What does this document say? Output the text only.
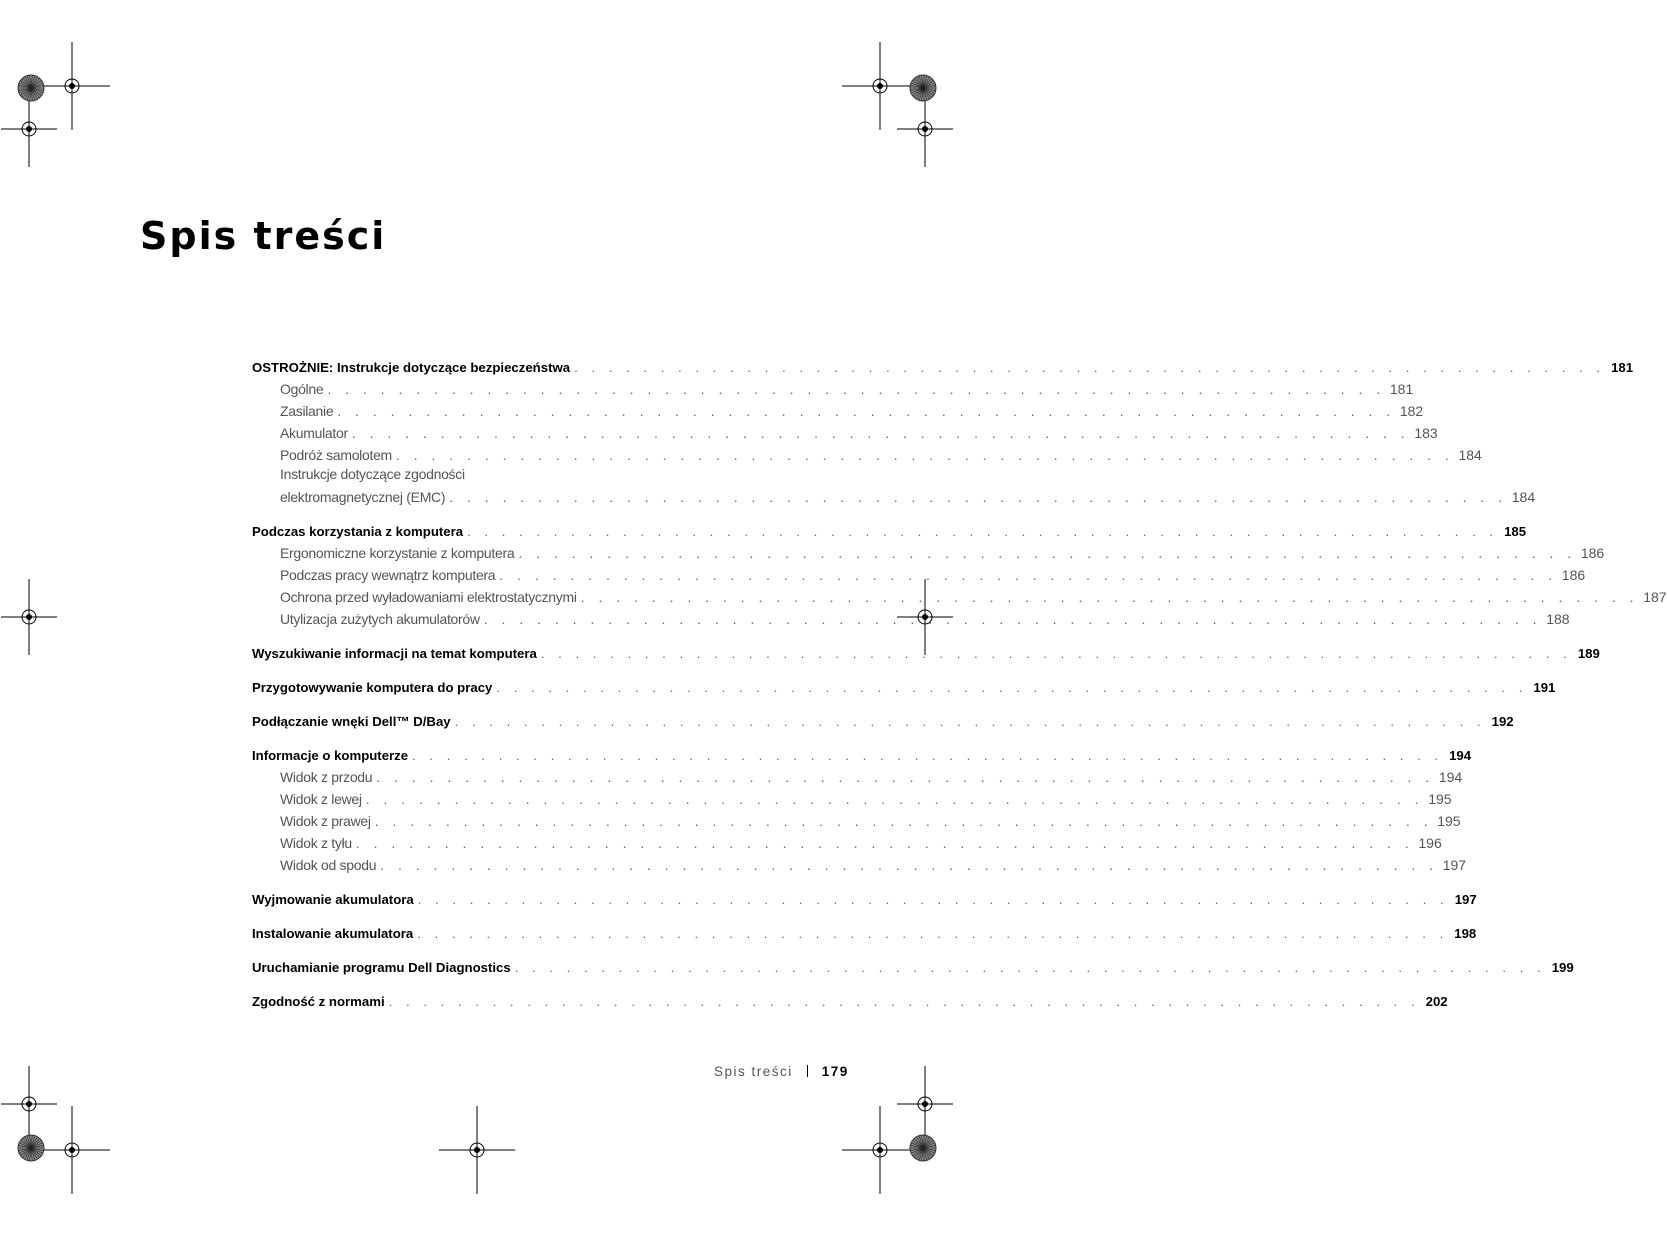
Spis treści
OSTROŻNIE: Instrukcje dotyczące bezpieczeństwa . . . . . . . . . . . . . . . . . . . . . . . . . . . . . . . . . . . . . . . . . . . . . . . . . . . . . . . . . . . . 181
Ogólne . . . . . . . . . . . . . . . . . . . . . . . . . . . . . . . . . . . . . . . . . . . . . . . . . . . . . . . . . . . . 181
Zasilanie . . . . . . . . . . . . . . . . . . . . . . . . . . . . . . . . . . . . . . . . . . . . . . . . . . . . . . . . . . . . 182
Akumulator . . . . . . . . . . . . . . . . . . . . . . . . . . . . . . . . . . . . . . . . . . . . . . . . . . . . . . . . . . . . 183
Podróż samolotem . . . . . . . . . . . . . . . . . . . . . . . . . . . . . . . . . . . . . . . . . . . . . . . . . . . . . . . . . . . . 184
Instrukcje dotyczące zgodności
elektromagnetycznej (EMC) . . . . . . . . . . . . . . . . . . . . . . . . . . . . . . . . . . . . . . . . . . . . . . . . . . . . . . . . . . . . 184
Podczas korzystania z komputera . . . . . . . . . . . . . . . . . . . . . . . . . . . . . . . . . . . . . . . . . . . . . . . . . . . . . . . . . . . . 185
Ergonomiczne korzystanie z komputera . . . . . . . . . . . . . . . . . . . . . . . . . . . . . . . . . . . . . . . . . . . . . . . . . . . . . . . . . . . . 186
Podczas pracy wewnątrz komputera . . . . . . . . . . . . . . . . . . . . . . . . . . . . . . . . . . . . . . . . . . . . . . . . . . . . . . . . . . . . 186
Ochrona przed wyładowaniami elektrostatycznymi . . . . . . . . . . . . . . . . . . . . . . . . . . . . . . . . . . . . . . . . . . . . . . . . . . . . . . . . . . . . 187
Utylizacja zużytych akumulatorów . . . . . . . . . . . . . . . . . . . . . . . . . . . . . . . . . . . . . . . . . . . . . . . . . . . . . . . . . . . . 188
Wyszukiwanie informacji na temat komputera . . . . . . . . . . . . . . . . . . . . . . . . . . . . . . . . . . . . . . . . . . . . . . . . . . . . . . . . . . . . 189
Przygotowywanie komputera do pracy . . . . . . . . . . . . . . . . . . . . . . . . . . . . . . . . . . . . . . . . . . . . . . . . . . . . . . . . . . . . 191
Podłączanie wnęki Dell™ D/Bay . . . . . . . . . . . . . . . . . . . . . . . . . . . . . . . . . . . . . . . . . . . . . . . . . . . . . . . . . . . . 192
Informacje o komputerze . . . . . . . . . . . . . . . . . . . . . . . . . . . . . . . . . . . . . . . . . . . . . . . . . . . . . . . . . . . . 194
Widok z przodu . . . . . . . . . . . . . . . . . . . . . . . . . . . . . . . . . . . . . . . . . . . . . . . . . . . . . . . . . . . . 194
Widok z lewej . . . . . . . . . . . . . . . . . . . . . . . . . . . . . . . . . . . . . . . . . . . . . . . . . . . . . . . . . . . . 195
Widok z prawej . . . . . . . . . . . . . . . . . . . . . . . . . . . . . . . . . . . . . . . . . . . . . . . . . . . . . . . . . . . . 195
Widok z tyłu . . . . . . . . . . . . . . . . . . . . . . . . . . . . . . . . . . . . . . . . . . . . . . . . . . . . . . . . . . . . 196
Widok od spodu . . . . . . . . . . . . . . . . . . . . . . . . . . . . . . . . . . . . . . . . . . . . . . . . . . . . . . . . . . . . 197
Wyjmowanie akumulatora . . . . . . . . . . . . . . . . . . . . . . . . . . . . . . . . . . . . . . . . . . . . . . . . . . . . . . . . . . . . 197
Instalowanie akumulatora . . . . . . . . . . . . . . . . . . . . . . . . . . . . . . . . . . . . . . . . . . . . . . . . . . . . . . . . . . . . 198
Uruchamianie programu Dell Diagnostics . . . . . . . . . . . . . . . . . . . . . . . . . . . . . . . . . . . . . . . . . . . . . . . . . . . . . . . . . . . . 199
Zgodność z normami . . . . . . . . . . . . . . . . . . . . . . . . . . . . . . . . . . . . . . . . . . . . . . . . . . . . . . . . . . . . 202
Spis treści 179
